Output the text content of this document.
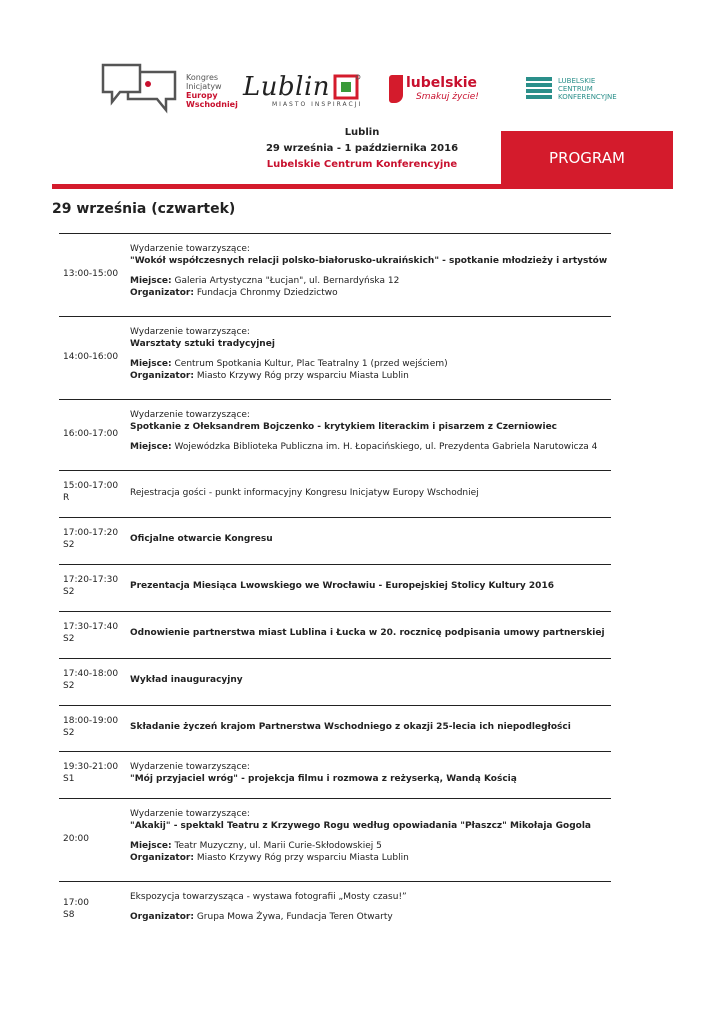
Kongres
Inicjatyw
Europy
Wschodniej
Lublin
MIASTO INSPIRACJI
lubelskie
Smakuj życie!
LUBELSKIE
CENTRUM
KONFERENCYJNE
Lublin
29 września - 1 października 2016
Lubelskie Centrum Konferencyjne	PROGRAM
29 września (czwartek)
13:00-15:00
Wydarzenie towarzyszące:
"Wokół współczesnych relacji polsko-białorusko-ukraińskich" - spotkanie młodzieży i artystów
Miejsce: Galeria Artystyczna "Łucjan", ul. Bernardyńska 12
Organizator: Fundacja Chronmy Dziedzictwo
14:00-16:00
Wydarzenie towarzyszące:
Warsztaty sztuki tradycyjnej
Miejsce: Centrum Spotkania Kultur, Plac Teatralny 1 (przed wejściem)
Organizator: Miasto Krzywy Róg przy wsparciu Miasta Lublin
16:00-17:00
Wydarzenie towarzyszące:
Spotkanie z Ołeksandrem Bojczenko - krytykiem literackim i pisarzem z Czerniowiec
Miejsce: Wojewódzka Biblioteka Publiczna im. H. Łopacińskiego, ul. Prezydenta Gabriela Narutowicza 4
15:00-17:00
R	Rejestracja gości - punkt informacyjny Kongresu Inicjatyw Europy Wschodniej
17:00-17:20
S2
Oficjalne otwarcie Kongresu
17:20-17:30
S2
Prezentacja Miesiąca Lwowskiego we Wrocławiu - Europejskiej Stolicy Kultury 2016
17:30-17:40
S2
Odnowienie partnerstwa miast Lublina i Łucka w 20. rocznicę podpisania umowy partnerskiej
17:40-18:00
S2
Wykład inauguracyjny
18:00-19:00
S2
Składanie życzeń krajom Partnerstwa Wschodniego z okazji 25-lecia ich niepodległości
19:30-21:00
S1
Wydarzenie towarzyszące:
"Mój przyjaciel wróg" - projekcja filmu i rozmowa z reżyserką, Wandą Kością
20:00
Wydarzenie towarzyszące:
"Akakij" - spektakl Teatru z Krzywego Rogu według opowiadania "Płaszcz" Mikołaja Gogola
Miejsce: Teatr Muzyczny, ul. Marii Curie-Skłodowskiej 5
Organizator: Miasto Krzywy Róg przy wsparciu Miasta Lublin
17:00
S8
Ekspozycja towarzysząca - wystawa fotografii „Mosty czasu!”
Organizator: Grupa Mowa Żywa, Fundacja Teren Otwarty
